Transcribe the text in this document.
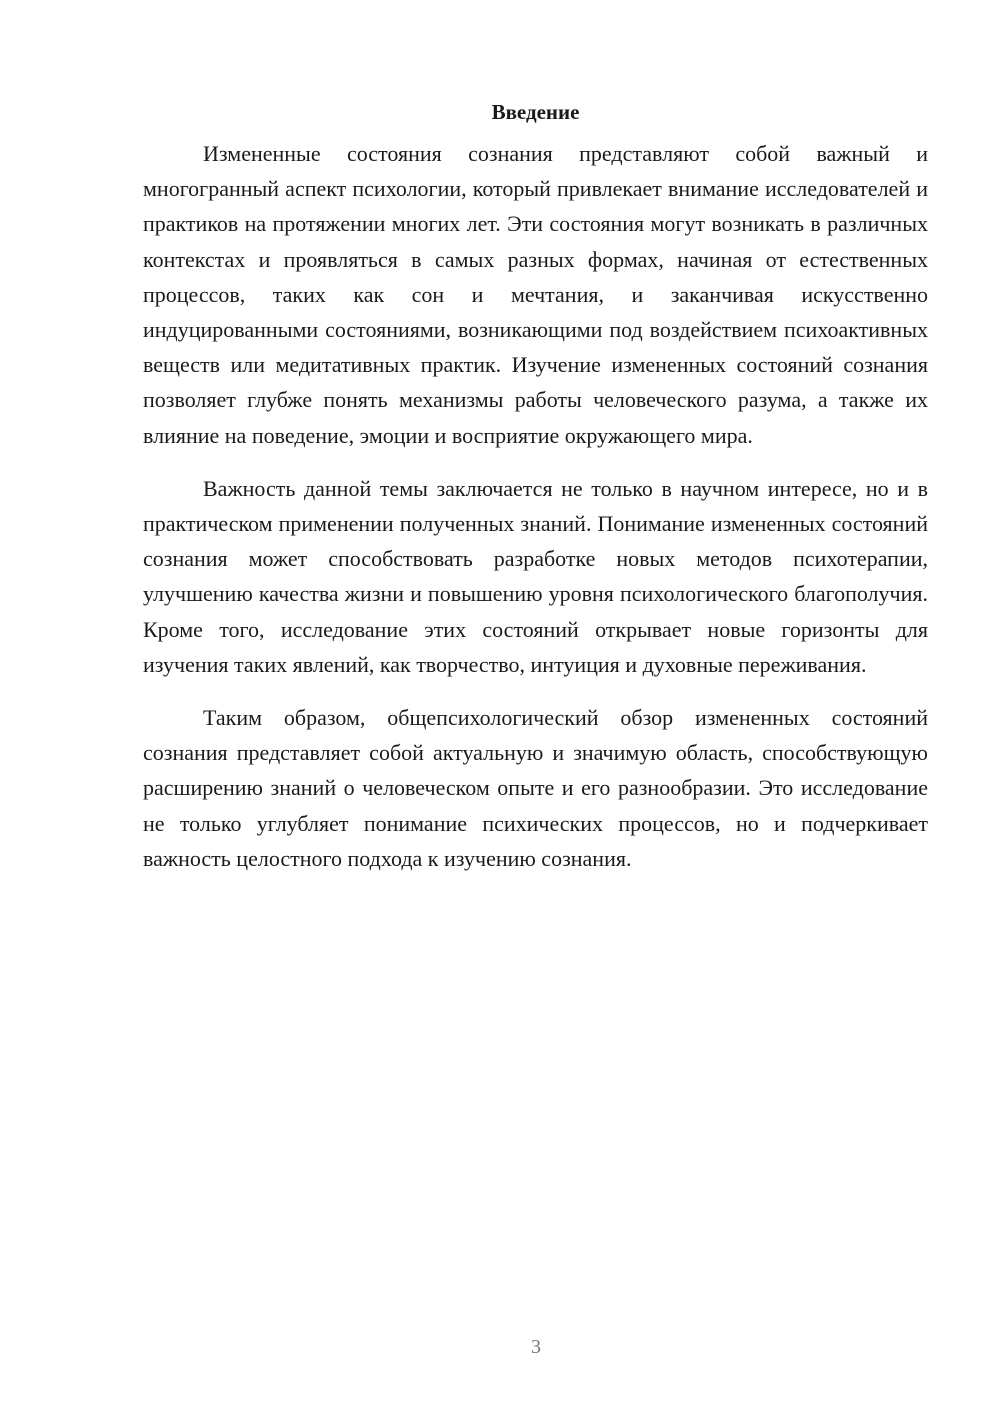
Введение

Измененные состояния сознания представляют собой важный и многогранный аспект психологии, который привлекает внимание исследователей и практиков на протяжении многих лет. Эти состояния могут возникать в различных контекстах и проявляться в самых разных формах, начиная от естественных процессов, таких как сон и мечтания, и заканчивая искусственно индуцированными состояниями, возникающими под воздействием психоактивных веществ или медитативных практик. Изучение измененных состояний сознания позволяет глубже понять механизмы работы человеческого разума, а также их влияние на поведение, эмоции и восприятие окружающего мира.

Важность данной темы заключается не только в научном интересе, но и в практическом применении полученных знаний. Понимание измененных состояний сознания может способствовать разработке новых методов психотерапии, улучшению качества жизни и повышению уровня психологического благополучия. Кроме того, исследование этих состояний открывает новые горизонты для изучения таких явлений, как творчество, интуиция и духовные переживания.

Таким образом, общепсихологический обзор измененных состояний сознания представляет собой актуальную и значимую область, способствующую расширению знаний о человеческом опыте и его разнообразии. Это исследование не только углубляет понимание психических процессов, но и подчеркивает важность целостного подхода к изучению сознания.

3
